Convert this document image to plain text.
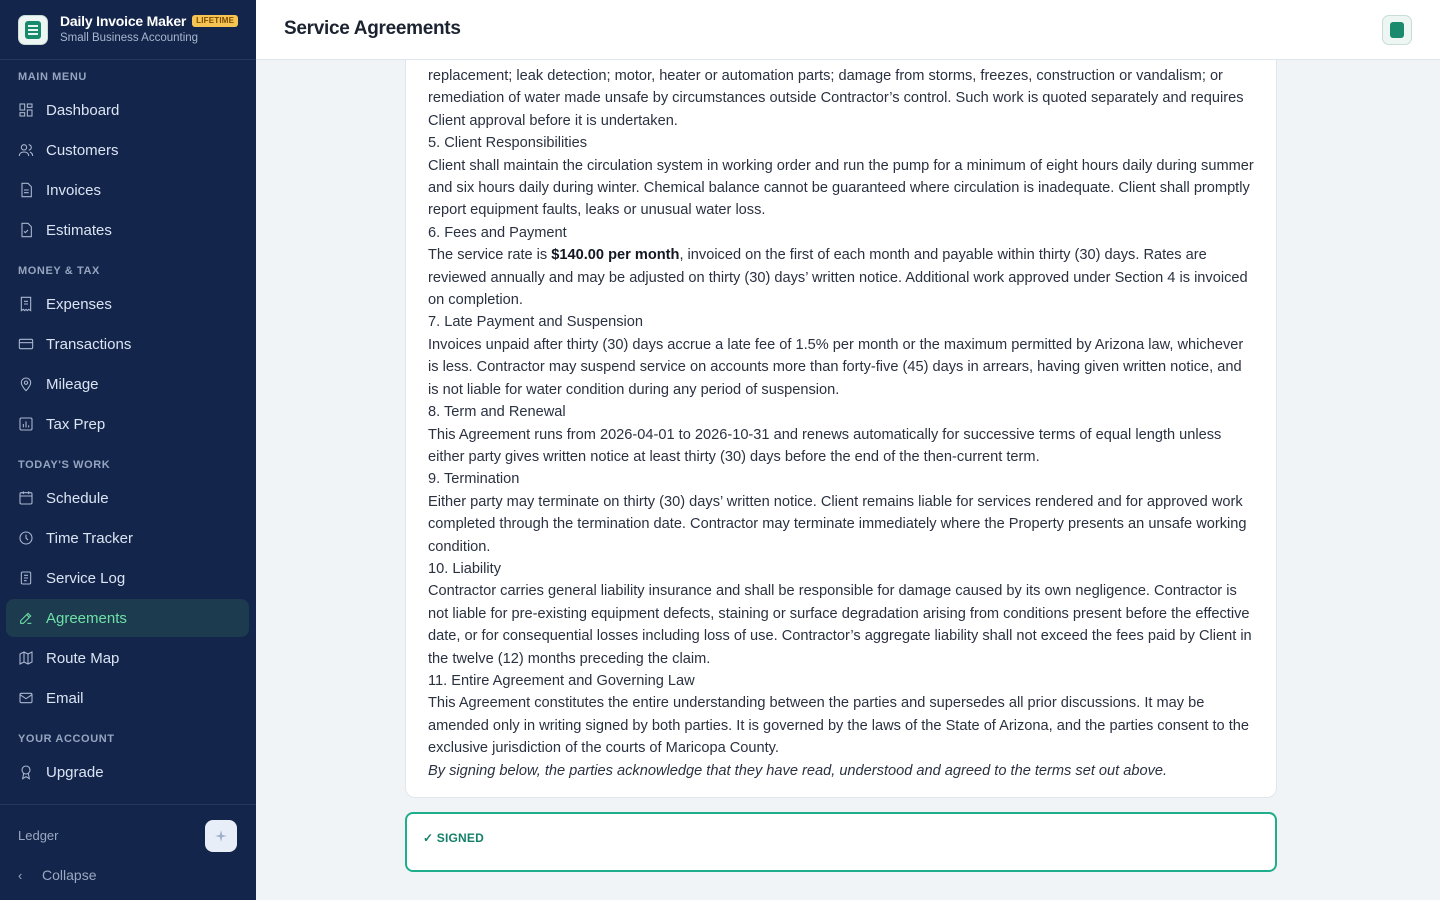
Daily Invoice Maker	LIFETIME
Small Business Accounting
MAIN MENU
Dashboard
Customers
Invoices
Estimates
MONEY & TAX
Expenses
Transactions
Mileage
Tax Prep
TODAY'S WORK
Schedule
Time Tracker
Service Log
Agreements
Route Map
Email
YOUR ACCOUNT
Upgrade
Ledger
‹	Collapse
Service Agreements

replacement; leak detection; motor, heater or automation parts; damage from storms, freezes, construction or vandalism; or remediation of water made unsafe by circumstances outside Contractor’s control. Such work is quoted separately and requires Client approval before it is undertaken.

5. Client Responsibilities

Client shall maintain the circulation system in working order and run the pump for a minimum of eight hours daily during summer and six hours daily during winter. Chemical balance cannot be guaranteed where circulation is inadequate. Client shall promptly report equipment faults, leaks or unusual water loss.

6. Fees and Payment

The service rate is $140.00 per month, invoiced on the first of each month and payable within thirty (30) days. Rates are reviewed annually and may be adjusted on thirty (30) days’ written notice. Additional work approved under Section 4 is invoiced on completion.

7. Late Payment and Suspension

Invoices unpaid after thirty (30) days accrue a late fee of 1.5% per month or the maximum permitted by Arizona law, whichever is less. Contractor may suspend service on accounts more than forty-five (45) days in arrears, having given written notice, and is not liable for water condition during any period of suspension.

8. Term and Renewal

This Agreement runs from 2026-04-01 to 2026-10-31 and renews automatically for successive terms of equal length unless either party gives written notice at least thirty (30) days before the end of the then-current term.

9. Termination

Either party may terminate on thirty (30) days’ written notice. Client remains liable for services rendered and for approved work completed through the termination date. Contractor may terminate immediately where the Property presents an unsafe working condition.

10. Liability

Contractor carries general liability insurance and shall be responsible for damage caused by its own negligence. Contractor is not liable for pre-existing equipment defects, staining or surface degradation arising from conditions present before the effective date, or for consequential losses including loss of use. Contractor’s aggregate liability shall not exceed the fees paid by Client in the twelve (12) months preceding the claim.

11. Entire Agreement and Governing Law

This Agreement constitutes the entire understanding between the parties and supersedes all prior discussions. It may be amended only in writing signed by both parties. It is governed by the laws of the State of Arizona, and the parties consent to the exclusive jurisdiction of the courts of Maricopa County.

By signing below, the parties acknowledge that they have read, understood and agreed to the terms set out above.

✓ SIGNED
